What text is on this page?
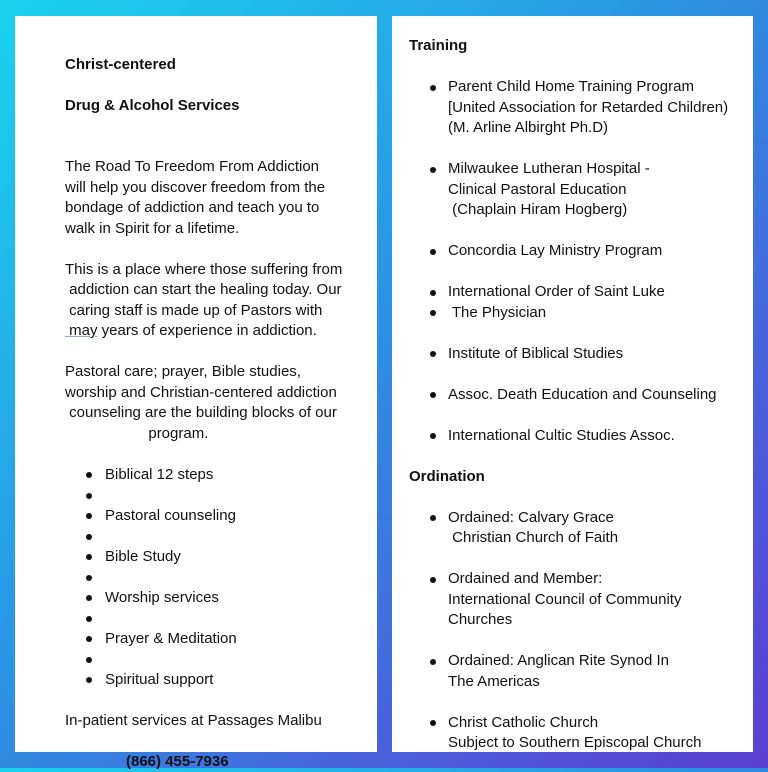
Christ-centered

Drug & Alcohol Services

The Road To Freedom From Addiction
will help you discover freedom from the
bondage of addiction and teach you to
walk in Spirit for a lifetime.
This is a place where those suffering from
addiction can start the healing today. Our
caring staff is made up of Pastors with
may years of experience in addiction.
Pastoral care; prayer, Bible studies,
worship and Christian-centered addiction
counseling are the building blocks of our
program.
Biblical 12 steps
Pastoral counseling
Bible Study
Worship services
Prayer & Meditation
Spiritual support
In-patient services at Passages Malibu
(866) 455-7936
Training
Parent Child Home Training Program
[United Association for Retarded Children)
(M. Arline Albirght Ph.D)
Milwaukee Lutheran Hospital -
Clinical Pastoral Education
(Chaplain Hiram Hogberg)
Concordia Lay Ministry Program
International Order of Saint Luke
The Physician
Institute of Biblical Studies
Assoc. Death Education and Counseling
International Cultic Studies Assoc.
Ordination
Ordained: Calvary Grace
Christian Church of Faith
Ordained and Member:
International Council of Community
Churches
Ordained: Anglican Rite Synod In
The Americas
Christ Catholic Church
Subject to Southern Episcopal Church
